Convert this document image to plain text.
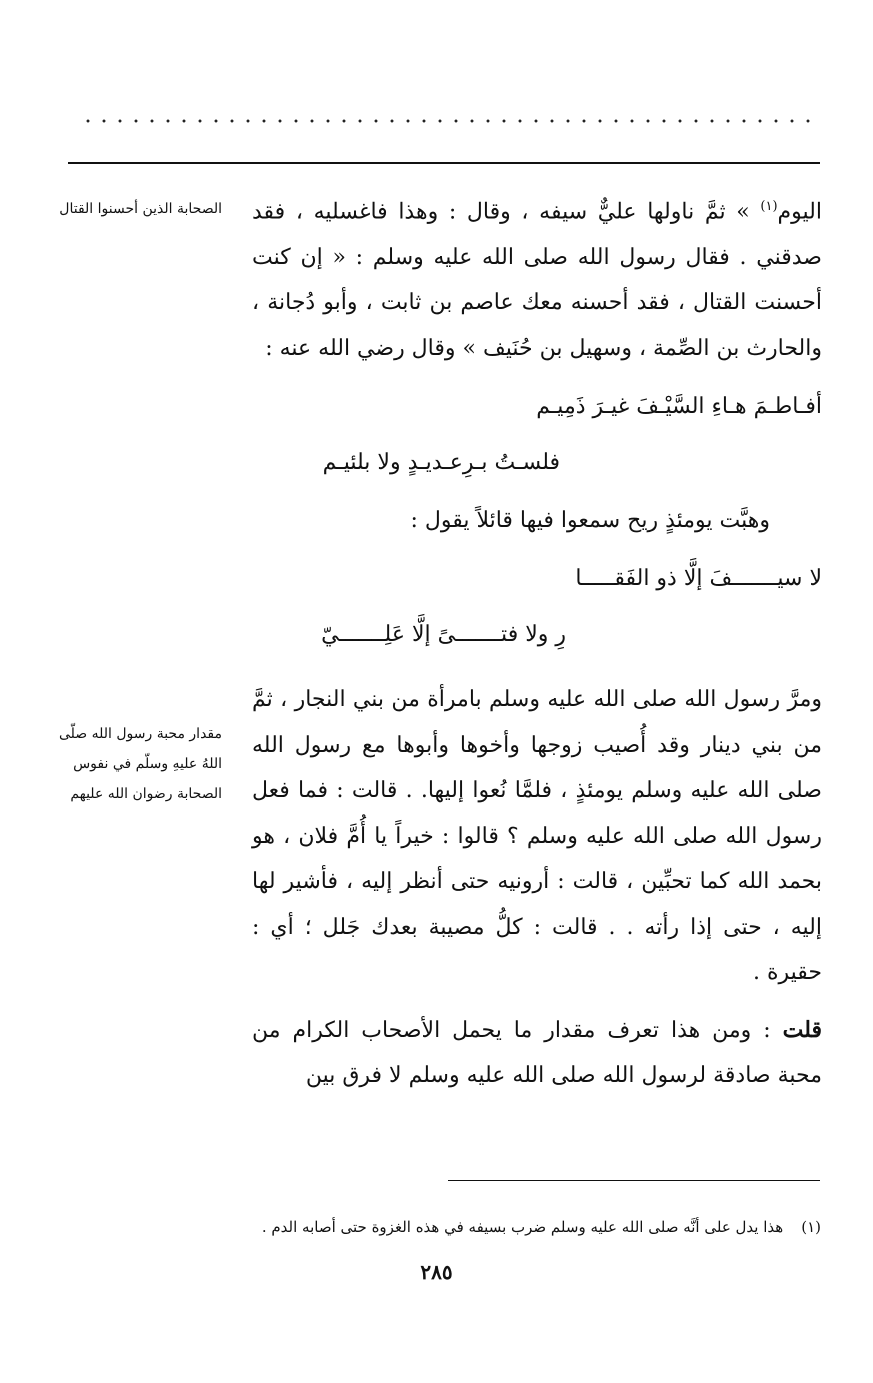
اليوم$^{(١)}$ » ثمَّ ناولها عليٌّ سيفه ، وقال : وهذا فاغسليه ، فقد صدقني . فقال رسول الله صلى الله عليه وسلم : « إن كنت أحسنت القتال ، فقد أحسنه معك عاصم بن ثابت ، وأبو دُجانة ، والحارث بن الصِّمة ، وسهيل بن حُنَيف » وقال رضي الله عنه :

أفـاطـمَ هـاءِ السَّيْـفَ غيـرَ ذَمِيـم

فلسـتُ بـرِعـديـدٍ ولا بلئيـم

وهبَّت يومئذٍ ريح سمعوا فيها قائلاً يقول :

لا سيـــــــفَ إلَّا ذو الفَقـــــا

رِ ولا فتـــــــىً إلَّا عَلِـــــــيّ

ومرَّ رسول الله صلى الله عليه وسلم بامرأة من بني النجار ، ثمَّ من بني دينار وقد أُصيب زوجها وأخوها وأبوها مع رسول الله صلى الله عليه وسلم يومئذٍ ، فلمَّا نُعوا إليها. . قالت : فما فعل رسول الله صلى الله عليه وسلم ؟ قالوا : خيراً يا أُمَّ فلان ، هو بحمد الله كما تحبِّين ، قالت : أرونيه حتى أنظر إليه ، فأشير لها إليه ، حتى إذا رأته . . قالت : كلُّ مصيبة بعدك جَلل ؛ أي : حقيرة .

قلت : ومن هذا تعرف مقدار ما يحمل الأصحاب الكرام من محبة صادقة لرسول الله صلى الله عليه وسلم لا فرق بين

الصحابة الذين أحسنوا القتال
مقدار محبة رسول الله صلّى اللهُ عليهِ وسلّم في نفوس الصحابة رضوان الله عليهم
(١)هذا يدل على أنَّه صلى الله عليه وسلم ضرب بسيفه في هذه الغزوة حتى أصابه الدم .
٢٨٥
